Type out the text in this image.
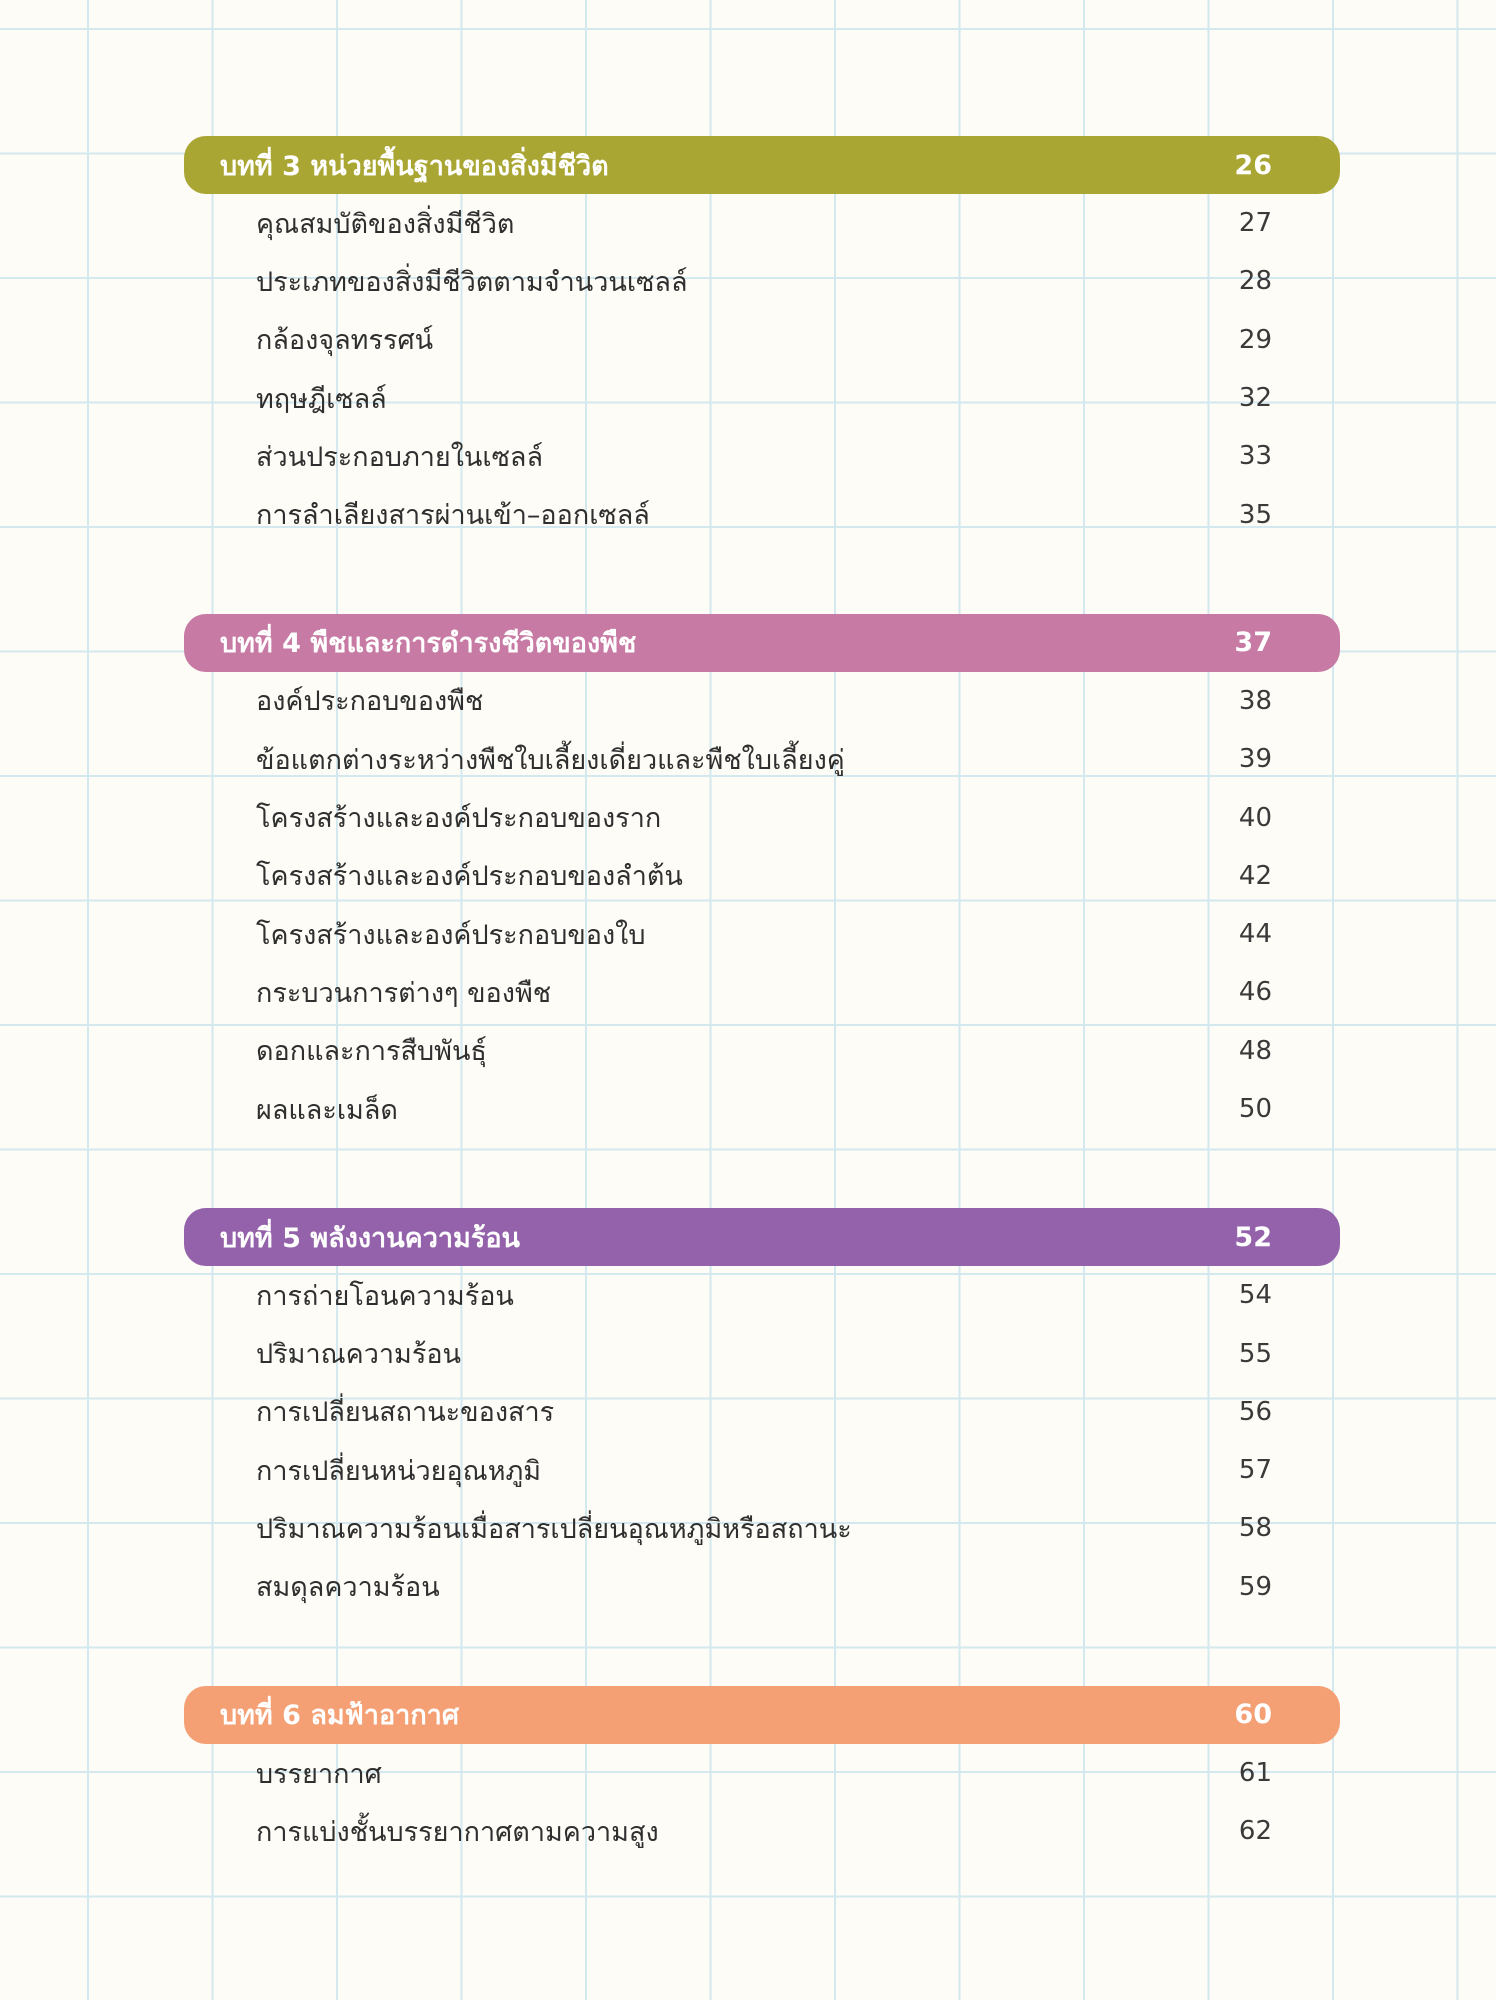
บทที่ 3 หน่วยพื้นฐานของสิ่งมีชีวิต	26
คุณสมบัติของสิ่งมีชีวิต	27
ประเภทของสิ่งมีชีวิตตามจำนวนเซลล์	28
กล้องจุลทรรศน์	29
ทฤษฎีเซลล์	32
ส่วนประกอบภายในเซลล์	33
การลำเลียงสารผ่านเข้า–ออกเซลล์	35
บทที่ 4 พืชและการดำรงชีวิตของพืช	37
องค์ประกอบของพืช	38
ข้อแตกต่างระหว่างพืชใบเลี้ยงเดี่ยวและพืชใบเลี้ยงคู่	39
โครงสร้างและองค์ประกอบของราก	40
โครงสร้างและองค์ประกอบของลำต้น	42
โครงสร้างและองค์ประกอบของใบ	44
กระบวนการต่างๆ ของพืช	46
ดอกและการสืบพันธุ์	48
ผลและเมล็ด	50
บทที่ 5 พลังงานความร้อน	52
การถ่ายโอนความร้อน	54
ปริมาณความร้อน	55
การเปลี่ยนสถานะของสาร	56
การเปลี่ยนหน่วยอุณหภูมิ	57
ปริมาณความร้อนเมื่อสารเปลี่ยนอุณหภูมิหรือสถานะ	58
สมดุลความร้อน	59
บทที่ 6 ลมฟ้าอากาศ	60
บรรยากาศ	61
การแบ่งชั้นบรรยากาศตามความสูง	62
